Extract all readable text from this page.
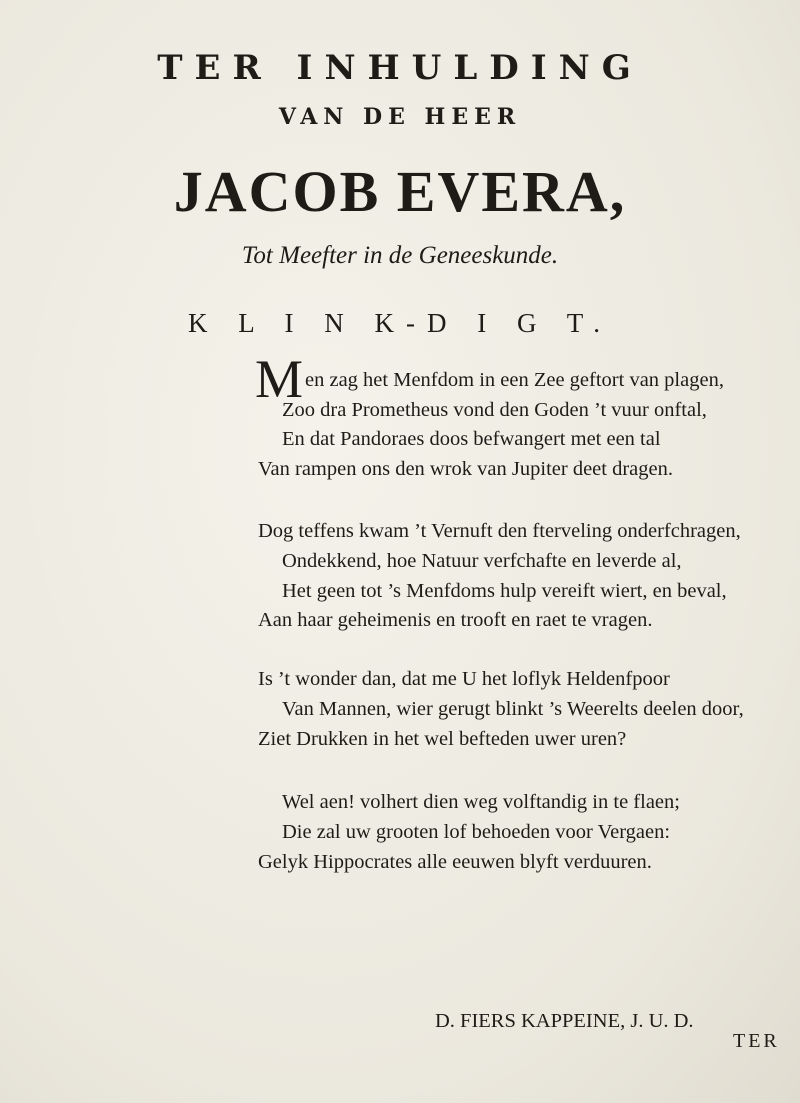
TER INHULDING
VAN DE HEER
JACOB EVERA,
Tot Meefter in de Geneeskunde.
K L I N K-D I G T.
M en zag het Menfdom in een Zee geftort van plagen,
Zoo dra Prometheus vond den Goden ’t vuur onftal,
En dat Pandoraes doos befwangert met een tal
Van rampen ons den wrok van Jupiter deet dragen.
Dog teffens kwam ’t Vernuft den fterveling onderfchragen,
Ondekkend, hoe Natuur verfchafte en leverde al,
Het geen tot ’s Menfdoms hulp vereift wiert, en beval,
Aan haar geheimenis en trooft en raet te vragen.
Is ’t wonder dan, dat me U het loflyk Heldenfpoor
Van Mannen, wier gerugt blinkt ’s Weerelts deelen door,
Ziet Drukken in het wel befteden uwer uren?
Wel aen! volhert dien weg volftandig in te flaen;
Die zal uw grooten lof behoeden voor Vergaen:
Gelyk Hippocrates alle eeuwen blyft verduuren.
D. FIERS KAPPEINE, J. U. D.
TER
